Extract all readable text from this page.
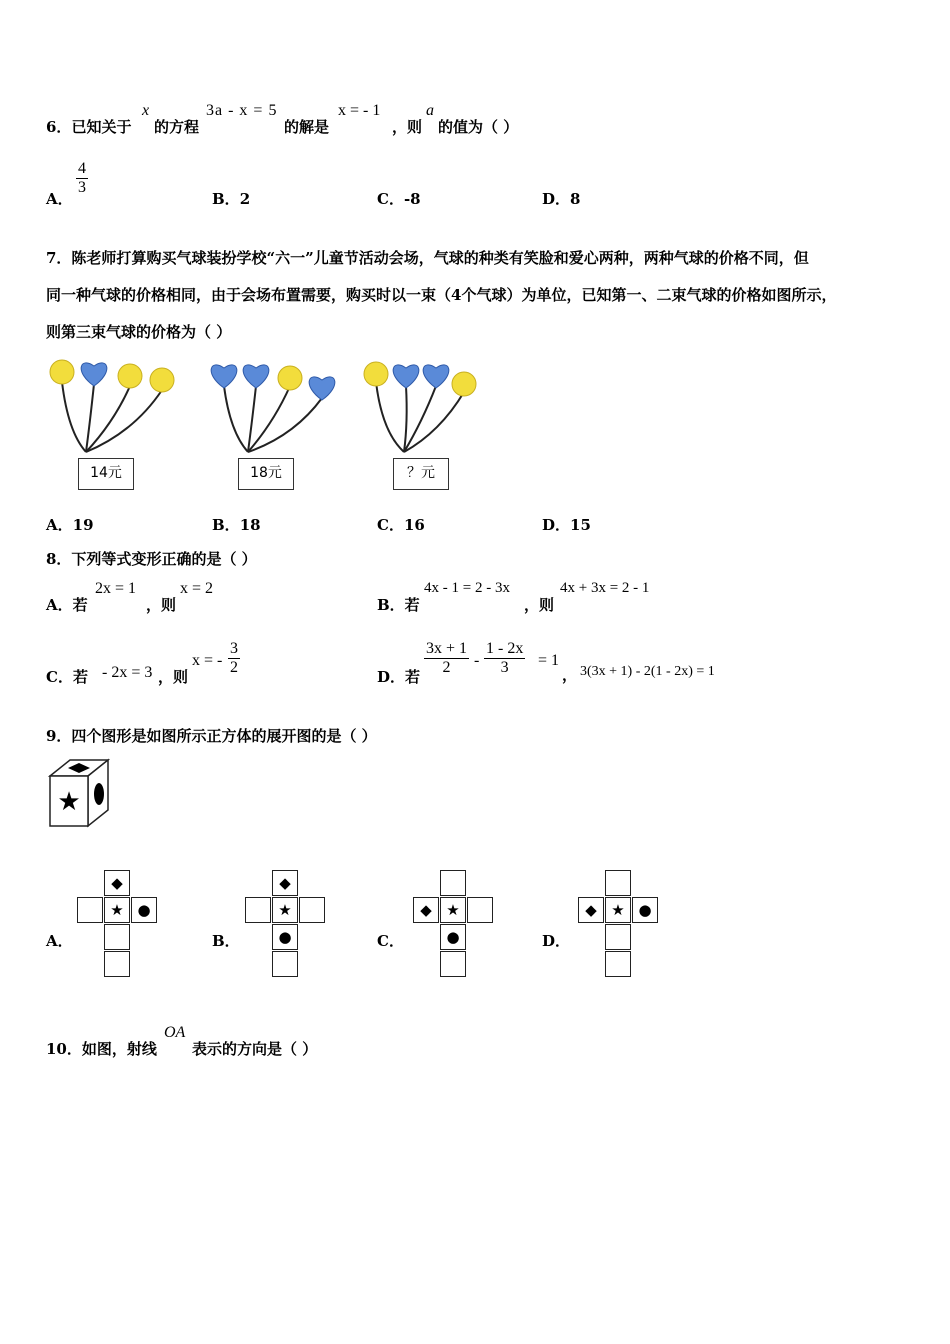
6．已知关于
x
的方程
3a - x = 5
的解是
x = - 1
，则
a
的值为（ ）
A．
$\frac{4}{3}$
B．2	C．-8	D．8
7．陈老师打算购买气球装扮学校“六一”儿童节活动会场，气球的种类有笑脸和爱心两种，两种气球的价格不同，但
同一种气球的价格相同，由于会场布置需要，购买时以一束（4个气球）为单位，已知第一、二束气球的价格如图所示，
则第三束气球的价格为（ ）
14元	18元	？元
A．19	B．18	C．16	D．15
8．下列等式变形正确的是（ ）
A．若
2x = 1
，则
x = 2
B．若
4x - 1 = 2 - 3x
，则
4x + 3x = 2 - 1
C．若 - 2x = 3 ，则
x = - $\frac{3}{2}$	D．若 $\frac{3x + 1}{2} - \frac{1 - 2x}{3} = 1$
， 3(3x + 1) - 2(1 - 2x) = 1
9．四个图形是如图所示正方体的展开图的是（ ）
★
A．
◆
★ ●
B．
◆
★
●	C．
◆ ★
●	D．
◆ ★ ●
10．如图，射线
OA
表示的方向是（ ）
